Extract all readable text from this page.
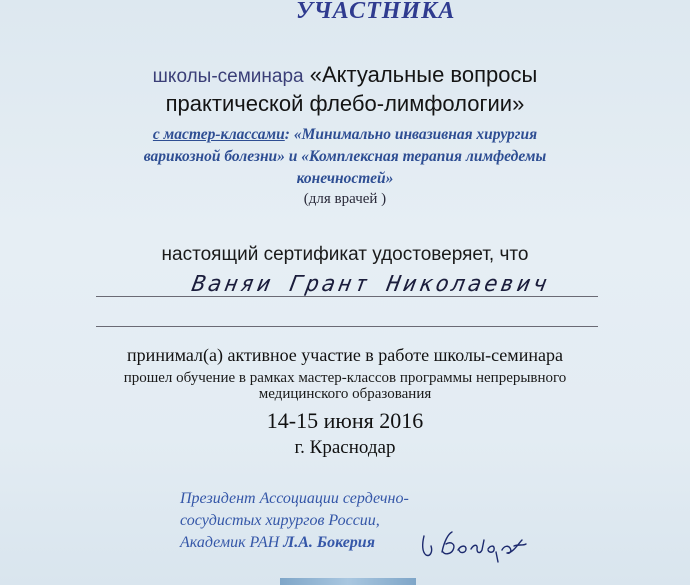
УЧАСТНИКА
школы-семинара «Актуальные вопросы
практической флебо-лимфологии»
с мастер-классами: «Минимально инвазивная хирургия
варикозной болезни» и «Комплексная терапия лимфедемы
конечностей»
(для врачей )
настоящий сертификат удостоверяет, что
Ваняи Грант Николаевич
принимал(а) активное участие в работе школы-семинара
прошел обучение в рамках мастер-классов программы непрерывного
медицинского образования
14-15 июня 2016
г. Краснодар
Президент Ассоциации сердечно-
сосудистых хирургов России,
Академик РАН Л.А. Бокерия
